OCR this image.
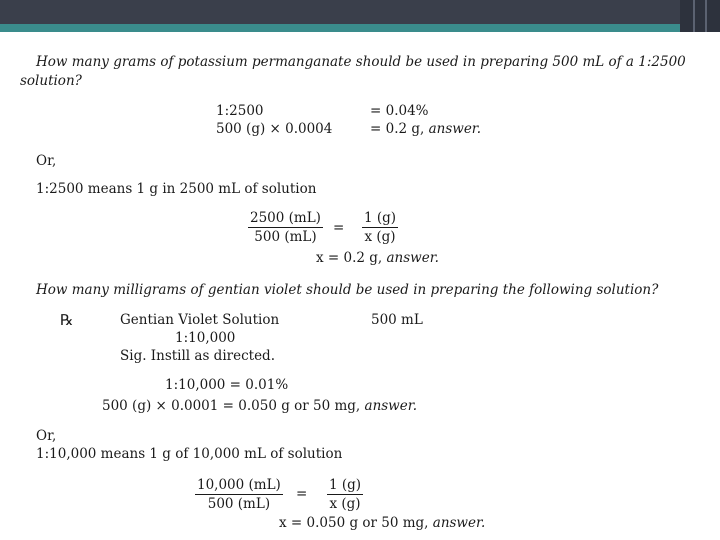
How many grams of potassium permanganate should be used in preparing 500 mL of a 1:2500
solution?
1:2500	= 0.04%
500 (g) × 0.0004	= 0.2 g, answer.
Or,
1:2500 means 1 g in 2500 mL of solution
$\frac{2500 (mL)}{500 (mL)} = \frac{1 (g)}{x (g)}$
x = 0.2 g, answer.
How many milligrams of gentian violet should be used in preparing the following solution?
℞	Gentian Violet Solution	500 mL
1:10,000
Sig. Instill as directed.
1:10,000 = 0.01%
500 (g) × 0.0001 = 0.050 g or 50 mg, answer.
Or,
1:10,000 means 1 g of 10,000 mL of solution
$\frac{10,000 (mL)}{500 (mL)} = \frac{1 (g)}{x (g)}$
x = 0.050 g or 50 mg, answer.
